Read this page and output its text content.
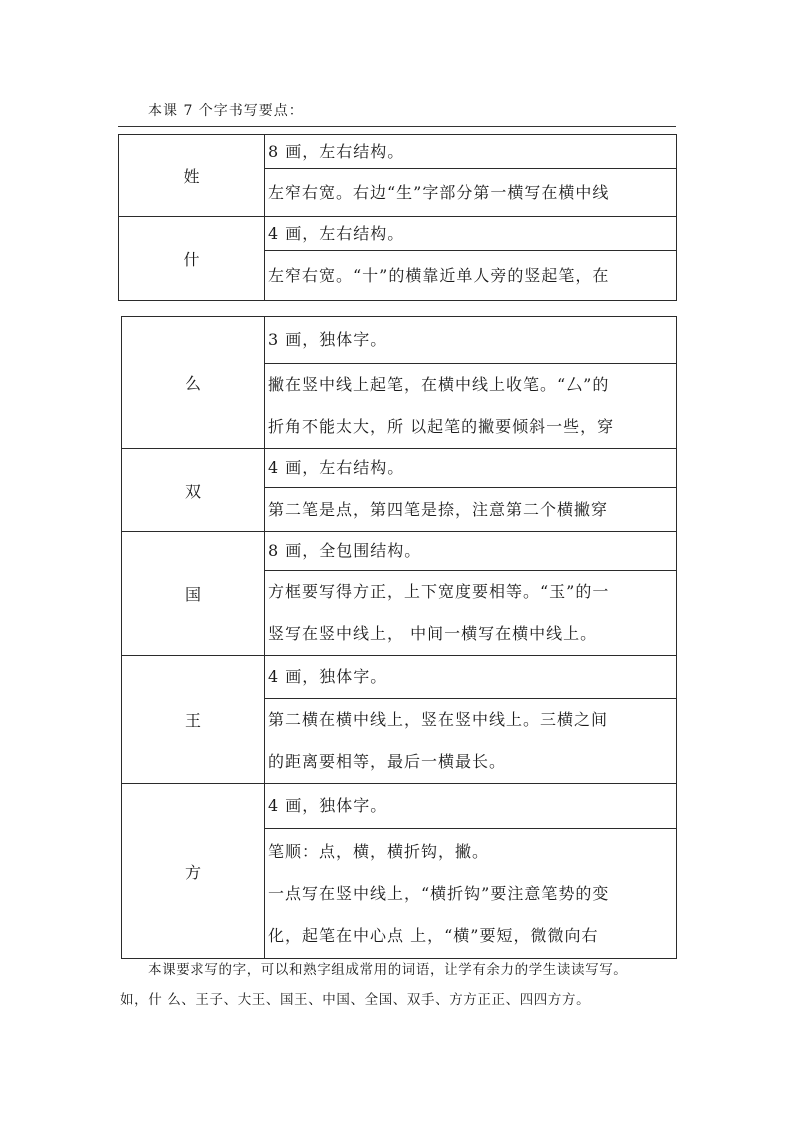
本课 7 个字书写要点：
姓	8 画，左右结构。

	左窄右宽。右边“生”字部分第一横写在横中线

什	4 画，左右结构。

	左窄右宽。“十”的横靠近单人旁的竖起笔，在
么	3 画，独体字。

	撇在竖中线上起笔，在横中线上收笔。“厶”的
折角不能太大，所 以起笔的撇要倾斜一些，穿

双	4 画，左右结构。

	第二笔是点，第四笔是捺，注意第二个横撇穿

国	8 画，全包围结构。

	方框要写得方正，上下宽度要相等。“玉”的一
竖写在竖中线上， 中间一横写在横中线上。

王	4 画，独体字。

	第二横在横中线上，竖在竖中线上。三横之间
的距离要相等，最后一横最长。

方	4 画，独体字。

	笔顺：点，横，横折钩，撇。
一点写在竖中线上，“横折钩”要注意笔势的变
化，起笔在中心点 上，“横”要短，微微向右
本课要求写的字，可以和熟字组成常用的词语，让学有余力的学生读读写写。
如，什 么、王子、大王、国王、中国、全国、双手、方方正正、四四方方。
